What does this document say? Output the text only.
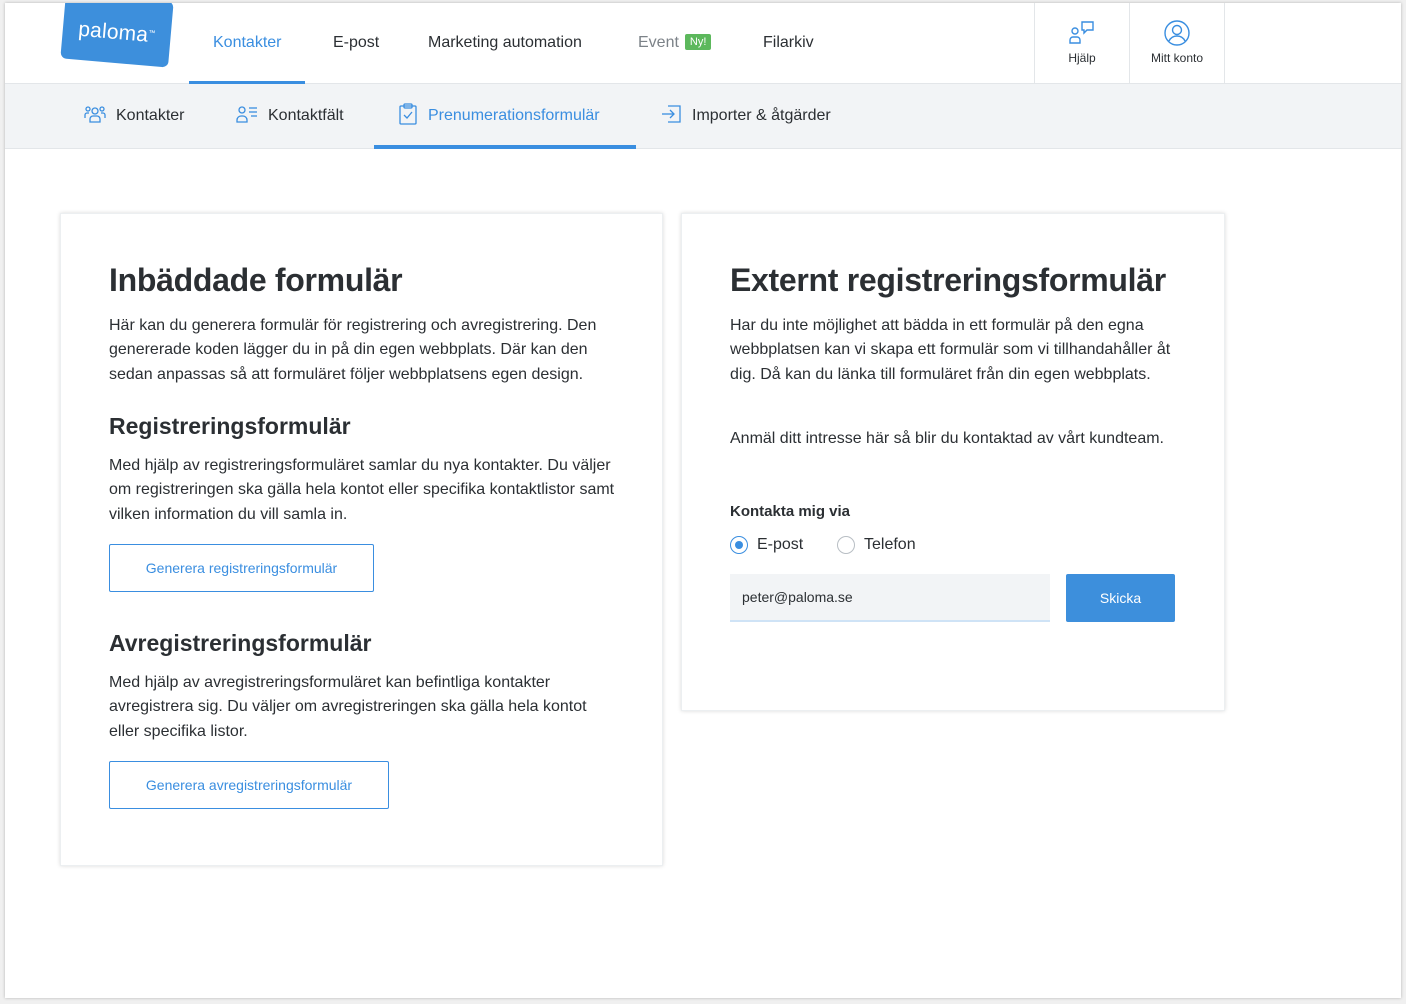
paloma
™
Kontakter	E-post	Marketing automation	Event Ny!	Filarkiv
Hjälp	Mitt konto
Kontakter	Kontaktfält	Prenumerationsformulär	Importer & åtgärder
Inbäddade formulär

Här kan du generera formulär för registrering och avregistrering. Den genererade koden lägger du in på din egen webbplats. Där kan den sedan anpassas så att formuläret följer webbplatsens egen design.

Registreringsformulär

Med hjälp av registreringsformuläret samlar du nya kontakter. Du väljer om registreringen ska gälla hela kontot eller specifika kontaktlistor samt vilken information du vill samla in.

Generera registreringsformulär
Avregistreringsformulär

Med hjälp av avregistreringsformuläret kan befintliga kontakter avregistrera sig. Du väljer om avregistreringen ska gälla hela kontot eller specifika listor.

Generera avregistreringsformulär
Externt registreringsformulär

Har du inte möjlighet att bädda in ett formulär på den egna webbplatsen kan vi skapa ett formulär som vi tillhandahåller åt dig. Då kan du länka till formuläret från din egen webbplats.

Anmäl ditt intresse här så blir du kontaktad av vårt kundteam.

Kontakta mig via
E-post	Telefon
peter@paloma.se
Skicka
